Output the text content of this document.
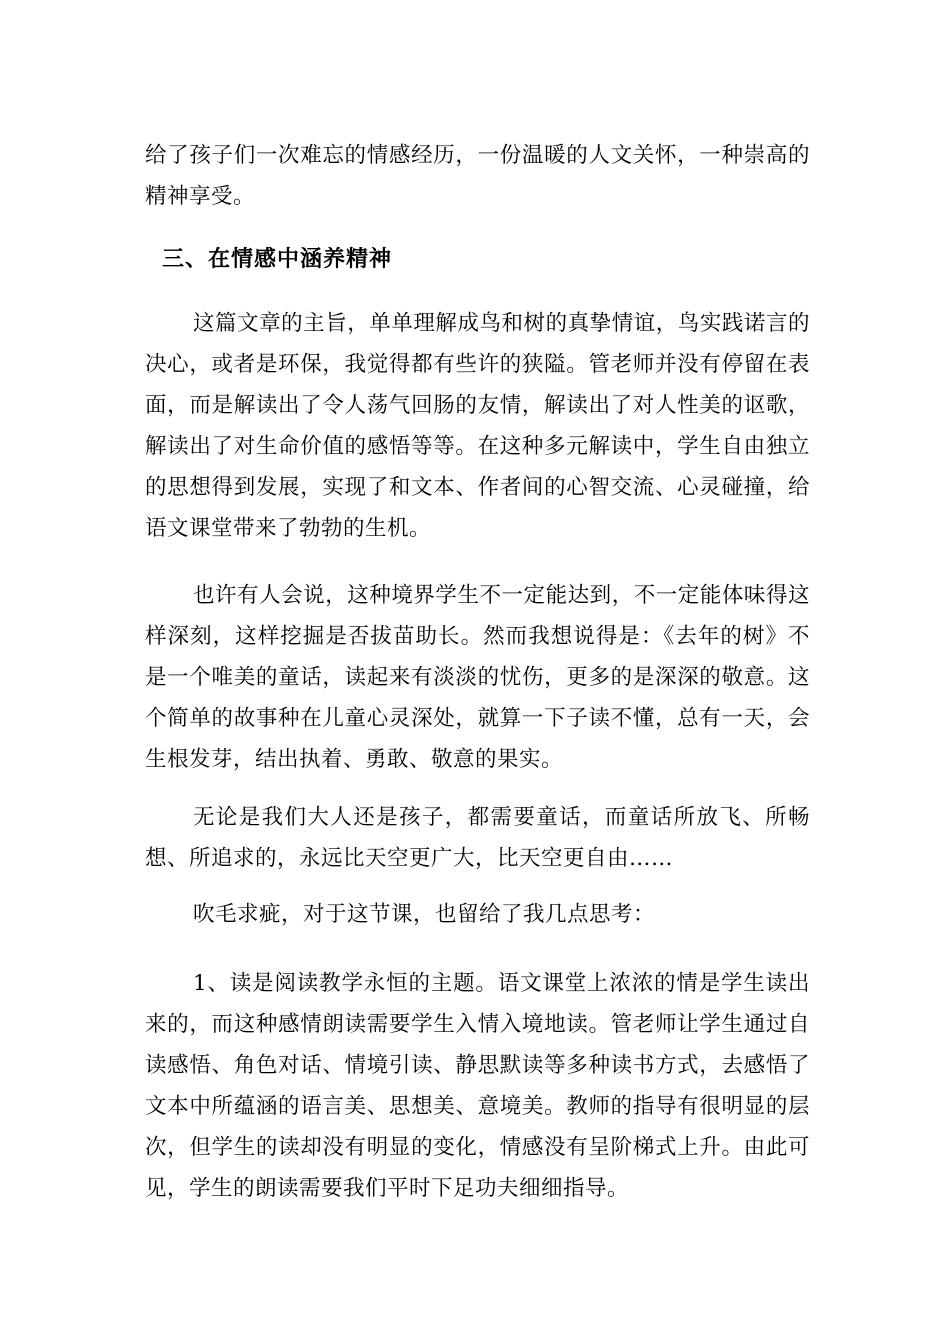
给了孩子们一次难忘的情感经历，一份温暖的人文关怀，一种崇高的精神享受。

三、在情感中涵养精神

这篇文章的主旨，单单理解成鸟和树的真挚情谊，鸟实践诺言的决心，或者是环保，我觉得都有些许的狭隘。管老师并没有停留在表面，而是解读出了令人荡气回肠的友情，解读出了对人性美的讴歌，解读出了对生命价值的感悟等等。在这种多元解读中，学生自由独立的思想得到发展，实现了和文本、作者间的心智交流、心灵碰撞，给语文课堂带来了勃勃的生机。

也许有人会说，这种境界学生不一定能达到，不一定能体味得这样深刻，这样挖掘是否拔苗助长。然而我想说得是：《去年的树》不是一个唯美的童话，读起来有淡淡的忧伤，更多的是深深的敬意。这个简单的故事种在儿童心灵深处，就算一下子读不懂，总有一天，会生根发芽，结出执着、勇敢、敬意的果实。

无论是我们大人还是孩子，都需要童话，而童话所放飞、所畅想、所追求的，永远比天空更广大，比天空更自由……

吹毛求疵，对于这节课，也留给了我几点思考：

1、读是阅读教学永恒的主题。语文课堂上浓浓的情是学生读出来的，而这种感情朗读需要学生入情入境地读。管老师让学生通过自读感悟、角色对话、情境引读、静思默读等多种读书方式，去感悟了文本中所蕴涵的语言美、思想美、意境美。教师的指导有很明显的层次，但学生的读却没有明显的变化，情感没有呈阶梯式上升。由此可见，学生的朗读需要我们平时下足功夫细细指导。
